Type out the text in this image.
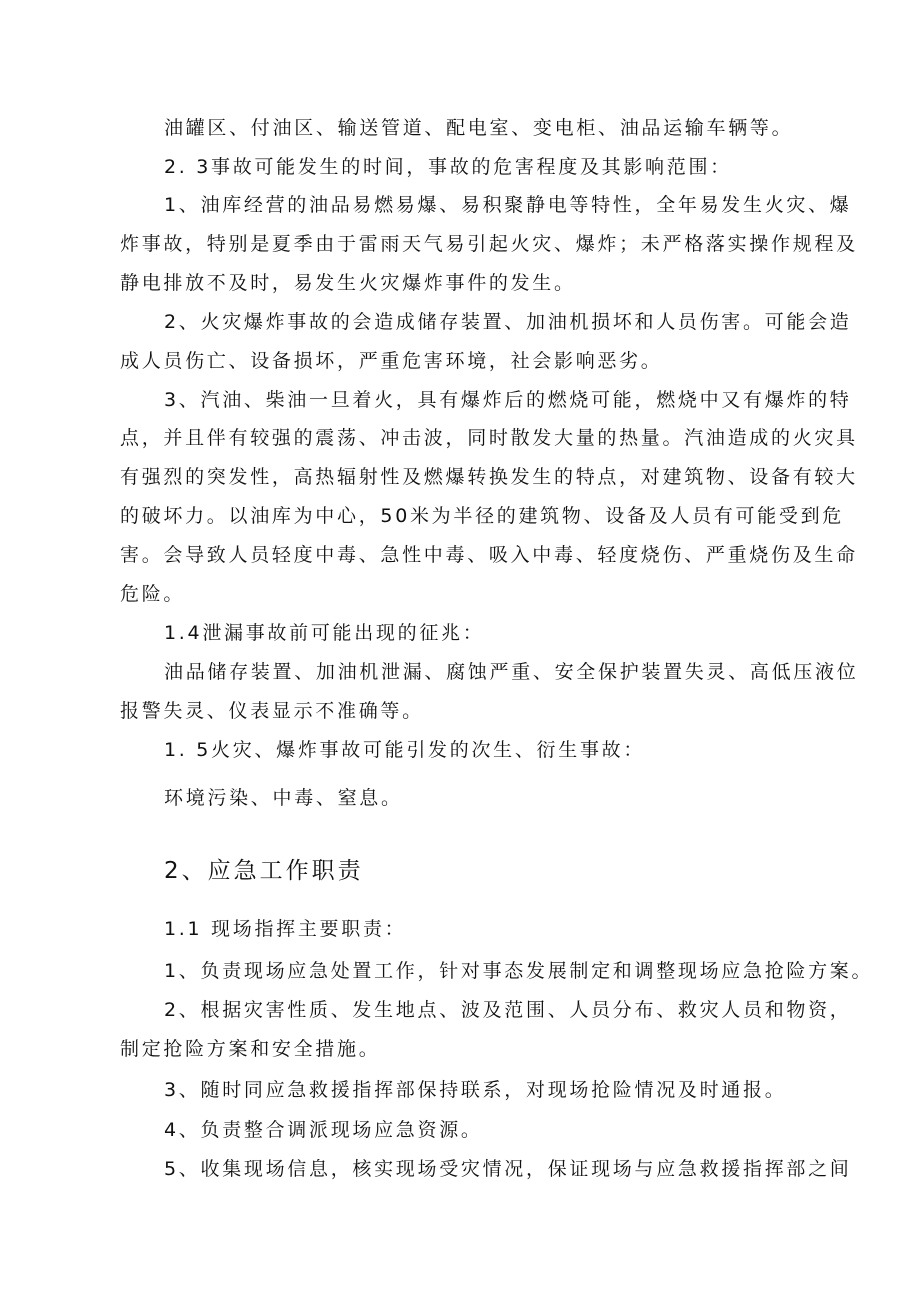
油罐区、付油区、输送管道、配电室、变电柜、油品运输车辆等。
2. 3事故可能发生的时间，事故的危害程度及其影响范围：
1、油库经营的油品易燃易爆、易积聚静电等特性，全年易发生火灾、爆
炸事故，特别是夏季由于雷雨天气易引起火灾、爆炸；未严格落实操作规程及
静电排放不及时，易发生火灾爆炸事件的发生。
2、火灾爆炸事故的会造成储存装置、加油机损坏和人员伤害。可能会造
成人员伤亡、设备损坏，严重危害环境，社会影响恶劣。
3、汽油、柴油一旦着火，具有爆炸后的燃烧可能，燃烧中又有爆炸的特
点，并且伴有较强的震荡、冲击波，同时散发大量的热量。汽油造成的火灾具
有强烈的突发性，高热辐射性及燃爆转换发生的特点，对建筑物、设备有较大
的破坏力。以油库为中心，50米为半径的建筑物、设备及人员有可能受到危
害。会导致人员轻度中毒、急性中毒、吸入中毒、轻度烧伤、严重烧伤及生命
危险。
1.4泄漏事故前可能出现的征兆：
油品储存装置、加油机泄漏、腐蚀严重、安全保护装置失灵、高低压液位
报警失灵、仪表显示不准确等。
1. 5火灾、爆炸事故可能引发的次生、衍生事故：
环境污染、中毒、窒息。
2、应急工作职责
1.1 现场指挥主要职责：
1、负责现场应急处置工作，针对事态发展制定和调整现场应急抢险方案。
2、根据灾害性质、发生地点、波及范围、人员分布、救灾人员和物资，
制定抢险方案和安全措施。
3、随时同应急救援指挥部保持联系，对现场抢险情况及时通报。
4、负责整合调派现场应急资源。
5、收集现场信息，核实现场受灾情况，保证现场与应急救援指挥部之间
